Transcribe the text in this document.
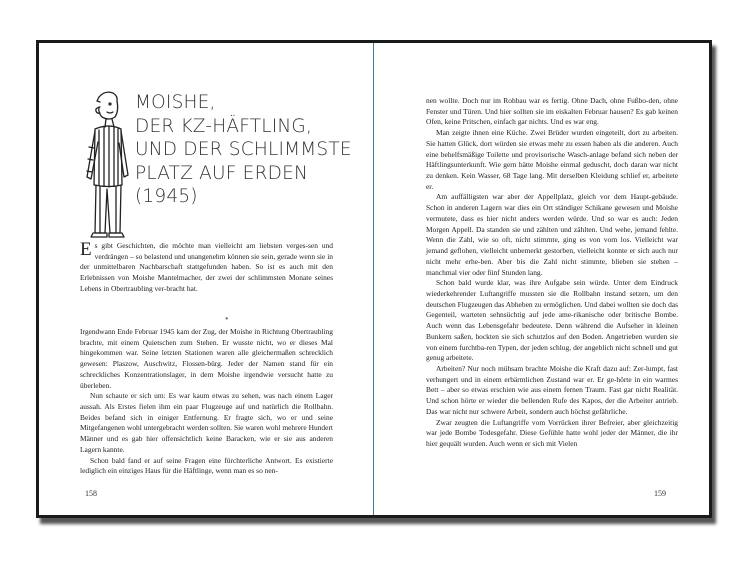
MOISHE,
DER KZ-HÄFTLING,
UND DER SCHLIMMSTE
PLATZ AUF ERDEN
(1945)

Es gibt Geschichten, die möchte man vielleicht am liebsten verges-sen und verdrängen – so belastend und unangenehm können sie sein, gerade wenn sie in der unmittelbaren Nachbarschaft stattgefunden haben. So ist es auch mit den Erlebnissen von Moishe Mantelmacher, der zwei der schlimmsten Monate seines Lebens in Obertraubling ver-bracht hat.

*

Irgendwann Ende Februar 1945 kam der Zug, der Moishe in Richtung Obertraubling brachte, mit einem Quietschen zum Stehen. Er wusste nicht, wo er dieses Mal hingekommen war. Seine letzten Stationen waren alle gleichermaßen schrecklich gewesen: Plaszow, Auschwitz, Flossen-bürg. Jeder der Namen stand für ein schreckliches Konzentrationslager, in dem Moishe irgendwie versucht hatte zu überleben.

Nun schaute er sich um: Es war kaum etwas zu sehen, was nach einem Lager aussah. Als Erstes fielen ihm ein paar Flugzeuge auf und natürlich die Rollbahn. Beides befand sich in einiger Entfernung. Er fragte sich, wo er und seine Mitgefangenen wohl untergebracht werden sollten. Sie waren wohl mehrere Hundert Männer und es gab hier offensichtlich keine Baracken, wie er sie aus anderen Lagern kannte.

Schon bald fand er auf seine Fragen eine fürchterliche Antwort. Es existierte lediglich ein einziges Haus für die Häftlinge, wenn man es so nen-

158

nen wollte. Doch nur im Rohbau war es fertig. Ohne Dach, ohne Fußbo-den, ohne Fenster und Türen. Und hier sollten sie im eiskalten Februar hausen? Es gab keinen Ofen, keine Pritschen, einfach gar nichts. Und es war eng.

Man zeigte ihnen eine Küche. Zwei Brüder wurden eingeteilt, dort zu arbeiten. Sie hatten Glück, dort würden sie etwas mehr zu essen haben als die anderen. Auch eine behelfsmäßige Toilette und provisorische Wasch-anlage befand sich neben der Häftlingsunterkunft. Wie gern hätte Moishe einmal geduscht, doch daran war nicht zu denken. Kein Wasser, 68 Tage lang. Mit derselben Kleidung schlief er, arbeitete er.

Am auffälligsten war aber der Appellplatz, gleich vor dem Haupt-gebäude. Schon in anderen Lagern war dies ein Ort ständiger Schikane gewesen und Moishe vermutete, dass es hier nicht anders werden würde. Und so war es auch: Jeden Morgen Appell. Da standen sie und zählten und zählten. Und wehe, jemand fehlte. Wenn die Zahl, wie so oft, nicht stimmte, ging es von vorn los. Vielleicht war jemand geflohen, vielleicht unbemerkt gestorben, vielleicht konnte er sich auch nur nicht mehr erhe-ben. Aber bis die Zahl nicht stimmte, blieben sie stehen – manchmal vier oder fünf Stunden lang.

Schon bald wurde klar, was ihre Aufgabe sein würde. Unter dem Eindruck wiederkehrender Luftangriffe mussten sie die Rollbahn instand setzen, um den deutschen Flugzeugen das Abheben zu ermöglichen. Und dabei wollten sie doch das Gegenteil, warteten sehnsüchtig auf jede ame-rikanische oder britische Bombe. Auch wenn das Lebensgefahr bedeutete. Denn während die Aufseher in kleinen Bunkern saßen, hockten sie sich schutzlos auf den Boden. Angetrieben wurden sie von einem furchtba-ren Typen, der jeden schlug, der angeblich nicht schnell und gut genug arbeitete.

Arbeiten? Nur noch mühsam brachte Moishe die Kraft dazu auf: Zer-lumpt, fast verhungert und in einem erbärmlichen Zustand war er. Er ge-hörte in ein warmes Bett – aber so etwas erschien wie aus einem fernen Traum. Fast gar nicht Realität. Und schon hörte er wieder die bellenden Rufe des Kapos, der die Arbeiter antrieb. Das war nicht nur schwere Arbeit, sondern auch höchst gefährliche.

Zwar zeugten die Luftangriffe vom Vorrücken ihrer Befreier, aber gleichzeitig war jede Bombe Todesgefahr. Diese Gefühle hatte wohl jeder der Männer, die ihr hier gequält wurden. Auch wenn er sich mit Vielen

159
